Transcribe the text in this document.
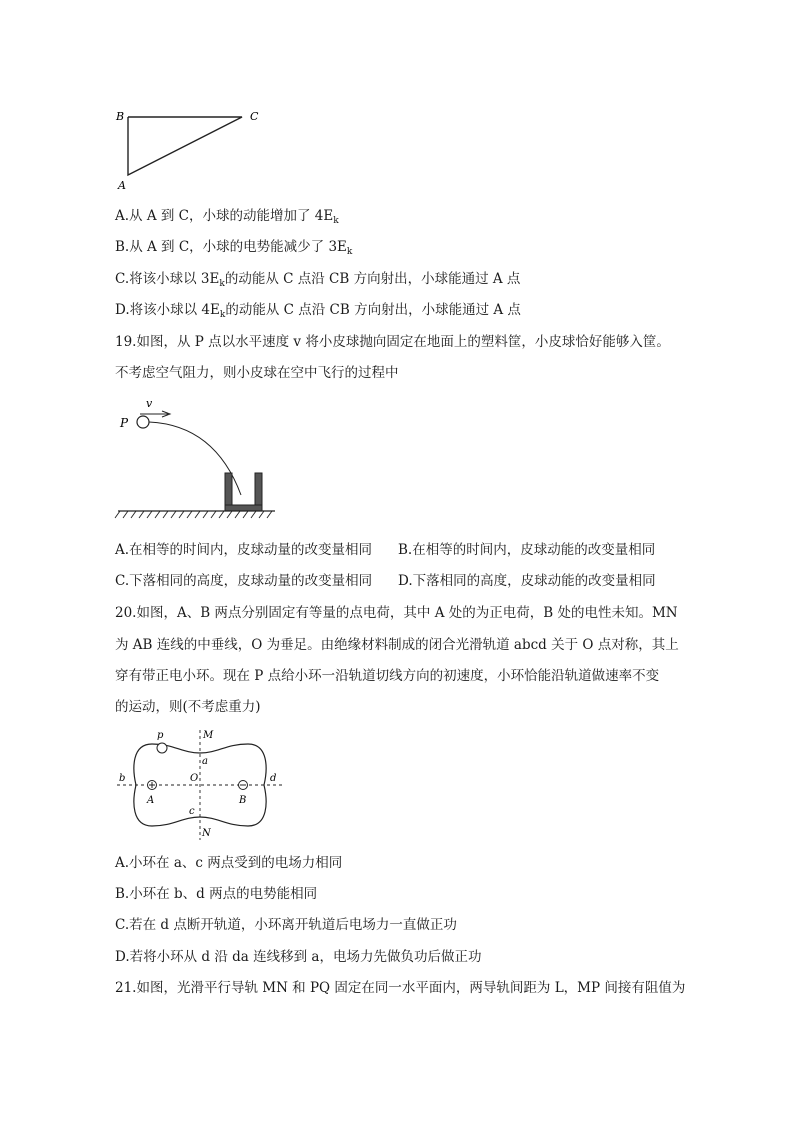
B	C
A
A.从 A 到 C，小球的动能增加了 $4E_k$
B.从 A 到 C，小球的电势能减少了 $3E_k$
C.将该小球以 $3E_k$的动能从 C 点沿 CB 方向射出，小球能通过 A 点
D.将该小球以 $4E_k$的动能从 C 点沿 CB 方向射出，小球能通过 A 点
19.如图，从 P 点以水平速度 v 将小皮球抛向固定在地面上的塑料筐，小皮球恰好能够入筐。
不考虑空气阻力，则小皮球在空中飞行的过程中
v
P
A.在相等的时间内，皮球动量的改变量相同 B.在相等的时间内，皮球动能的改变量相同
C.下落相同的高度，皮球动量的改变量相同 D.下落相同的高度，皮球动能的改变量相同
20.如图，A、B 两点分别固定有等量的点电荷，其中 A 处的为正电荷，B 处的电性未知。MN
为 AB 连线的中垂线，O 为垂足。由绝缘材料制成的闭合光滑轨道 abcd 关于 O 点对称，其上
穿有带正电小环。现在 P 点给小环一沿轨道切线方向的初速度，小环恰能沿轨道做速率不变
的运动，则(不考虑重力)
p	M
a
b	O	d
A	B
c
N
A.小环在 a、c 两点受到的电场力相同
B.小环在 b、d 两点的电势能相同
C.若在 d 点断开轨道，小环离开轨道后电场力一直做正功
D.若将小环从 d 沿 da 连线移到 a，电场力先做负功后做正功
21.如图，光滑平行导轨 MN 和 PQ 固定在同一水平面内，两导轨间距为 L，MP 间接有阻值为
